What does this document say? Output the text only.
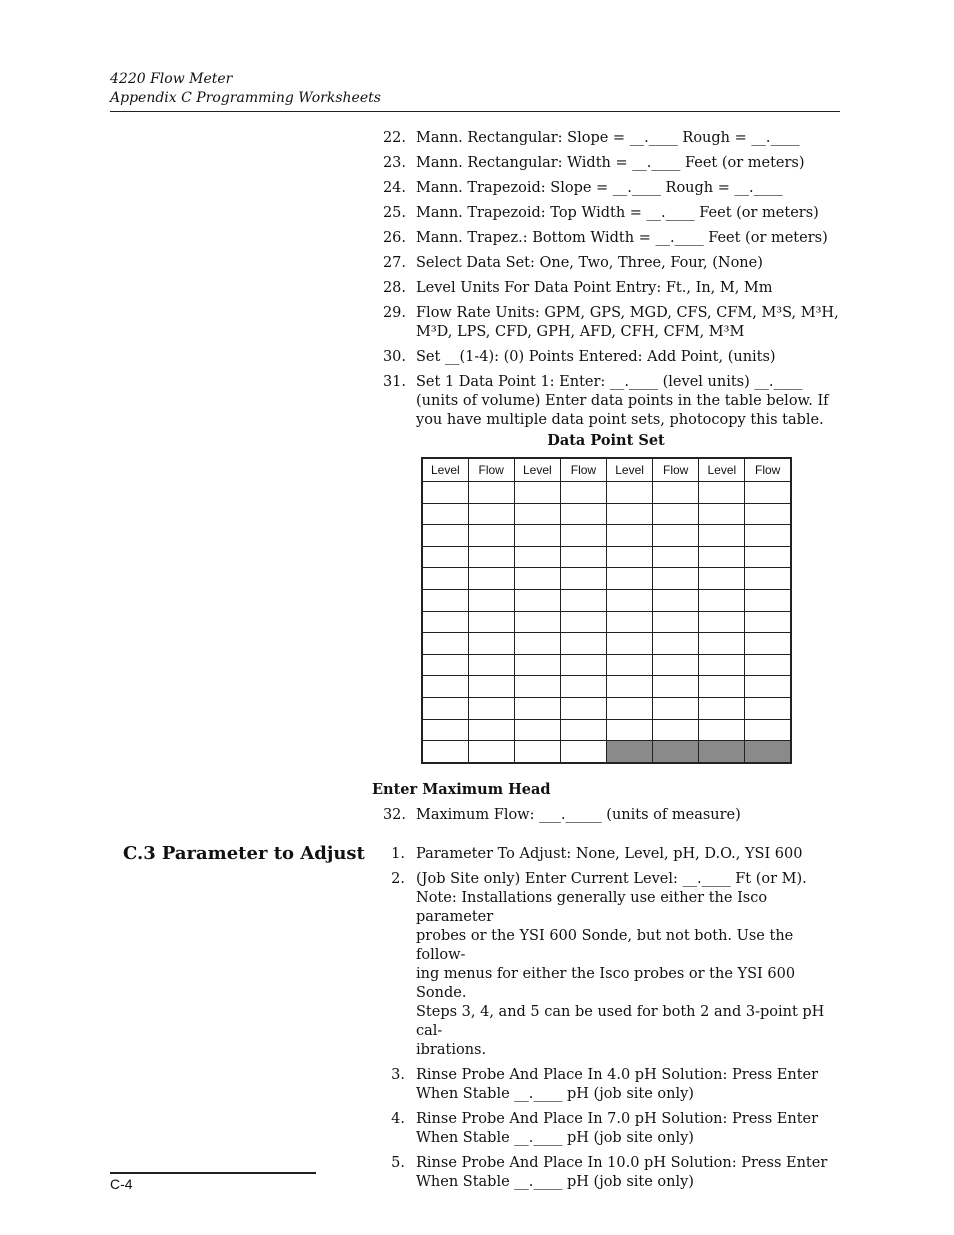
4220 Flow Meter
Appendix C Programming Worksheets
22. Mann. Rectangular: Slope = __.____ Rough = __.____
23. Mann. Rectangular: Width = __.____ Feet (or meters)
24. Mann. Trapezoid: Slope = __.____ Rough = __.____
25. Mann. Trapezoid: Top Width = __.____ Feet (or meters)
26. Mann. Trapez.: Bottom Width = __.____ Feet (or meters)
27. Select Data Set: One, Two, Three, Four, (None)
28. Level Units For Data Point Entry: Ft., In, M, Mm
29. Flow Rate Units: GPM, GPS, MGD, CFS, CFM, M³S, M³H,
M³D, LPS, CFD, GPH, AFD, CFH, CFM, M³M
30. Set __(1-4): (0) Points Entered: Add Point, (units)
31. Set 1 Data Point 1: Enter: __.____ (level units) __.____
(units of volume) Enter data points in the table below. If
you have multiple data point sets, photocopy this table.
Data Point Set
Level	Flow	Level	Flow	Level	Flow	Level	Flow

Enter Maximum Head
32. Maximum Flow: ___._____ (units of measure)
C.3 Parameter to Adjust	1. Parameter To Adjust: None, Level, pH, D.O., YSI 600
2. (Job Site only) Enter Current Level: __.____ Ft (or M).
Note: Installations generally use either the Isco parameter
probes or the YSI 600 Sonde, but not both. Use the follow-
ing menus for either the Isco probes or the YSI 600 Sonde.
Steps 3, 4, and 5 can be used for both 2 and 3-point pH cal-
ibrations.
3. Rinse Probe And Place In 4.0 pH Solution: Press Enter
When Stable __.____ pH (job site only)
4. Rinse Probe And Place In 7.0 pH Solution: Press Enter
When Stable __.____ pH (job site only)
5. Rinse Probe And Place In 10.0 pH Solution: Press Enter
When Stable __.____ pH (job site only)
C-4
